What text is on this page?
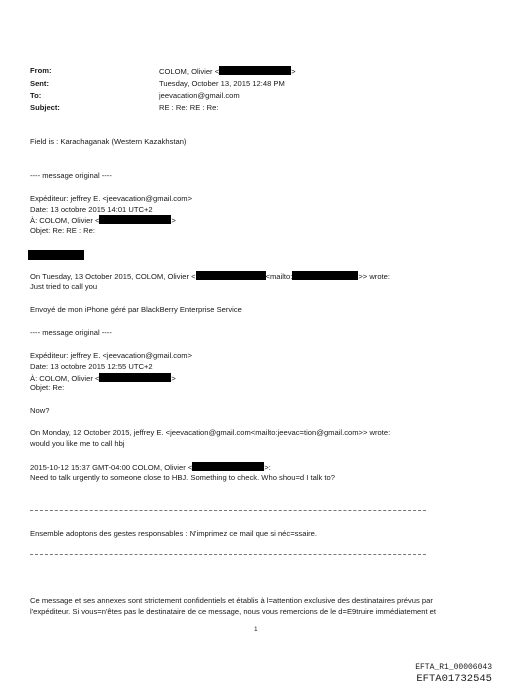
From:	COLOM, Olivier <	>
Sent:	Tuesday, October 13, 2015 12:48 PM
To:	jeevacation@gmail.com
Subject:	RE : Re: RE : Re:
Field is : Karachaganak (Western Kazakhstan)
---- message original ----
Expéditeur: jeffrey E. <jeevacation@gmail.com>
Date: 13 octobre 2015 14:01 UTC+2
À: COLOM, Olivier <	>
Objet: Re: RE : Re:
On Tuesday, 13 October 2015, COLOM, Olivier <	<mailto:	>> wrote:
Just tried to call you
Envoyé de mon iPhone géré par BlackBerry Enterprise Service
---- message original ----
Expéditeur: jeffrey E. <jeevacation@gmail.com>
Date: 13 octobre 2015 12:55 UTC+2
À: COLOM, Olivier <	>
Objet: Re:
Now?
On Monday, 12 October 2015, jeffrey E. <jeevacation@gmail.com<mailto:jeevac=tion@gmail.com>> wrote:
would you like me to call hbj
2015-10-12 15:37 GMT-04:00 COLOM, Olivier <	>:
Need to talk urgently to someone close to HBJ. Something to check. Who shou=d I talk to?
Ensemble adoptons des gestes responsables : N'imprimez ce mail que si néc=ssaire.
Ce message et ses annexes sont strictement confidentiels et établis à l=attention exclusive des destinataires prévus par
l'expéditeur. Si vous=n'êtes pas le destinataire de ce message, nous vous remercions de le d=E9truire immédiatement et
1
EFTA_R1_00006043
EFTA01732545
